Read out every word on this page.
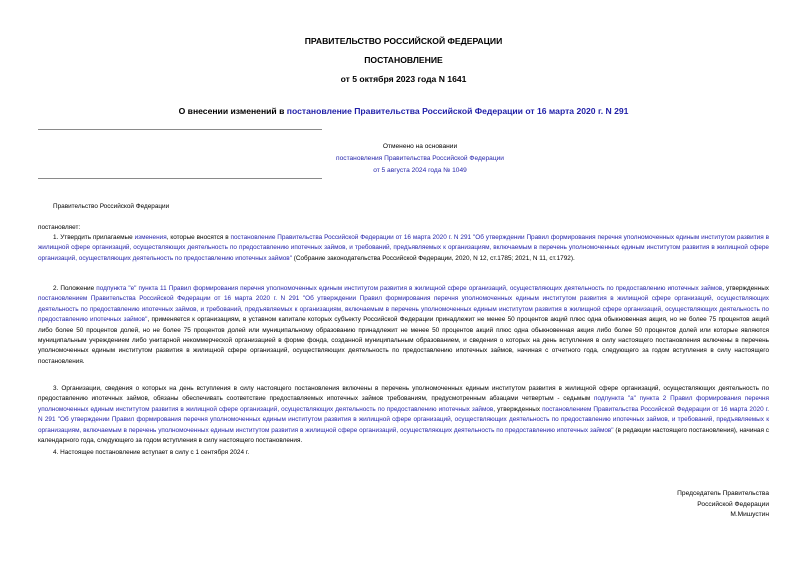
ПРАВИТЕЛЬСТВО РОССИЙСКОЙ ФЕДЕРАЦИИ
ПОСТАНОВЛЕНИЕ
от 5 октября 2023 года N 1641
О внесении изменений в постановление Правительства Российской Федерации от 16 марта 2020 г. N 291
Отменено на основании
постановления Правительства Российской Федерации
от 5 августа 2024 года № 1049
Правительство Российской Федерации
постановляет:
1. Утвердить прилагаемые изменения, которые вносятся в постановление Правительства Российской Федерации от 16 марта 2020 г. N 291 "Об утверждении Правил формирования перечня уполномоченных единым институтом развития в жилищной сфере организаций, осуществляющих деятельность по предоставлению ипотечных займов, и требований, предъявляемых к организациям, включаемым в перечень уполномоченных единым институтом развития в жилищной сфере организаций, осуществляющих деятельность по предоставлению ипотечных займов" (Собрание законодательства Российской Федерации, 2020, N 12, ст.1785; 2021, N 11, ст.1792).
2. Положение подпункта "е" пункта 11 Правил формирования перечня уполномоченных единым институтом развития в жилищной сфере организаций, осуществляющих деятельность по предоставлению ипотечных займов, утвержденных постановлением Правительства Российской Федерации от 16 марта 2020 г. N 291 "Об утверждении Правил формирования перечня уполномоченных единым институтом развития в жилищной сфере организаций, осуществляющих деятельность по предоставлению ипотечных займов, и требований, предъявляемых к организациям, включаемым в перечень уполномоченных единым институтом развития в жилищной сфере организаций, осуществляющих деятельность по предоставлению ипотечных займов", применяется к организациям, в уставном капитале которых субъекту Российской Федерации принадлежит не менее 50 процентов акций плюс одна обыкновенная акция, но не более 75 процентов акций либо более 50 процентов долей, но не более 75 процентов долей или муниципальному образованию принадлежит не менее 50 процентов акций плюс одна обыкновенная акция либо более 50 процентов долей или которые являются муниципальным учреждением либо унитарной некоммерческой организацией в форме фонда, созданной муниципальным образованием, и сведения о которых на день вступления в силу настоящего постановления включены в перечень уполномоченных единым институтом развития в жилищной сфере организаций, осуществляющих деятельность по предоставлению ипотечных займов, начиная с отчетного года, следующего за годом вступления в силу настоящего постановления.
3. Организации, сведения о которых на день вступления в силу настоящего постановления включены в перечень уполномоченных единым институтом развития в жилищной сфере организаций, осуществляющих деятельность по предоставлению ипотечных займов, обязаны обеспечивать соответствие предоставляемых ипотечных займов требованиям, предусмотренным абзацами четвертым - седьмым подпункта "а" пункта 2 Правил формирования перечня уполномоченных единым институтом развития в жилищной сфере организаций, осуществляющих деятельность по предоставлению ипотечных займов, утвержденных постановлением Правительства Российской Федерации от 16 марта 2020 г. N 291 "Об утверждении Правил формирования перечня уполномоченных единым институтом развития в жилищной сфере организаций, осуществляющих деятельность по предоставлению ипотечных займов, и требований, предъявляемых к организациям, включаемым в перечень уполномоченных единым институтом развития в жилищной сфере организаций, осуществляющих деятельность по предоставлению ипотечных займов" (в редакции настоящего постановления), начиная с календарного года, следующего за годом вступления в силу настоящего постановления.
4. Настоящее постановление вступает в силу с 1 сентября 2024 г.
Председатель Правительства
Российской Федерации
М.Мишустин
